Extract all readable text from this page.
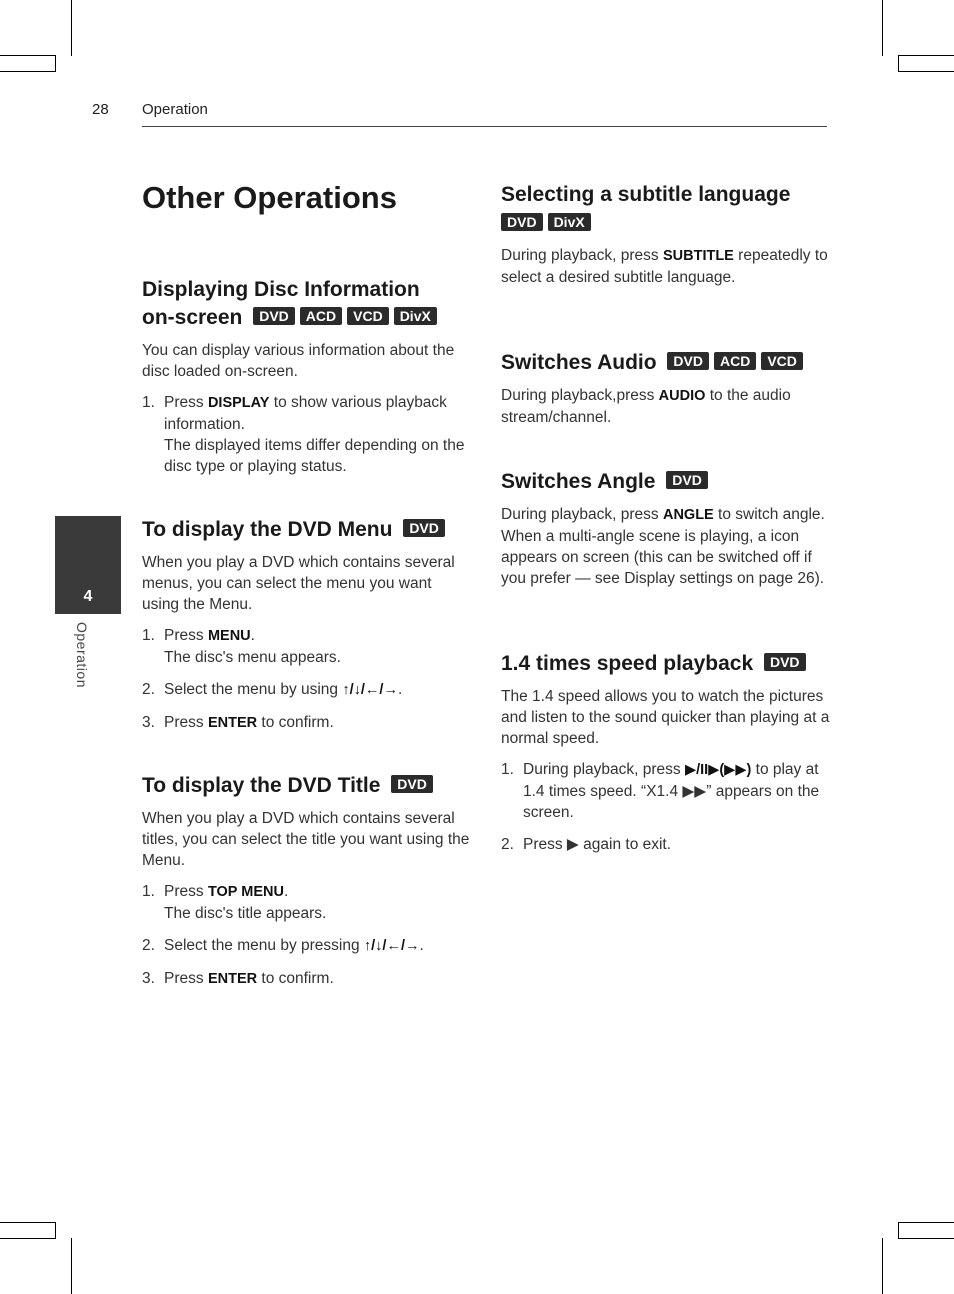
28 Operation
4
Operation
Other Operations
Displaying Disc Information
on-screen DVD ACD VCD DivX
You can display various information about the disc loaded on-screen.
1. Press DISPLAY to show various playback information.
The displayed items differ depending on the disc type or playing status.
To display the DVD Menu DVD
When you play a DVD which contains several menus, you can select the menu you want using the Menu.
1. Press MENU.
The disc's menu appears.
2. Select the menu by using ↑/↓/←/→.
3. Press ENTER to confirm.
To display the DVD Title DVD
When you play a DVD which contains several titles, you can select the title you want using the Menu.
1. Press TOP MENU.
The disc's title appears.
2. Select the menu by pressing ↑/↓/←/→.
3. Press ENTER to confirm.
Selecting a subtitle language
DVD DivX
During playback, press SUBTITLE repeatedly to select a desired subtitle language.
Switches Audio DVD ACD VCD
During playback,press AUDIO to the audio stream/channel.
Switches Angle DVD
During playback, press ANGLE to switch angle. When a multi-angle scene is playing, a icon appears on screen (this can be switched off if you prefer — see Display settings on page 26).
1.4 times speed playback DVD
The 1.4 speed allows you to watch the pictures and listen to the sound quicker than playing at a normal speed.
1. During playback, press ▶/II▶(▶▶) to play at 1.4 times speed. “X1.4 ▶▶” appears on the screen.
2. Press ▶ again to exit.
